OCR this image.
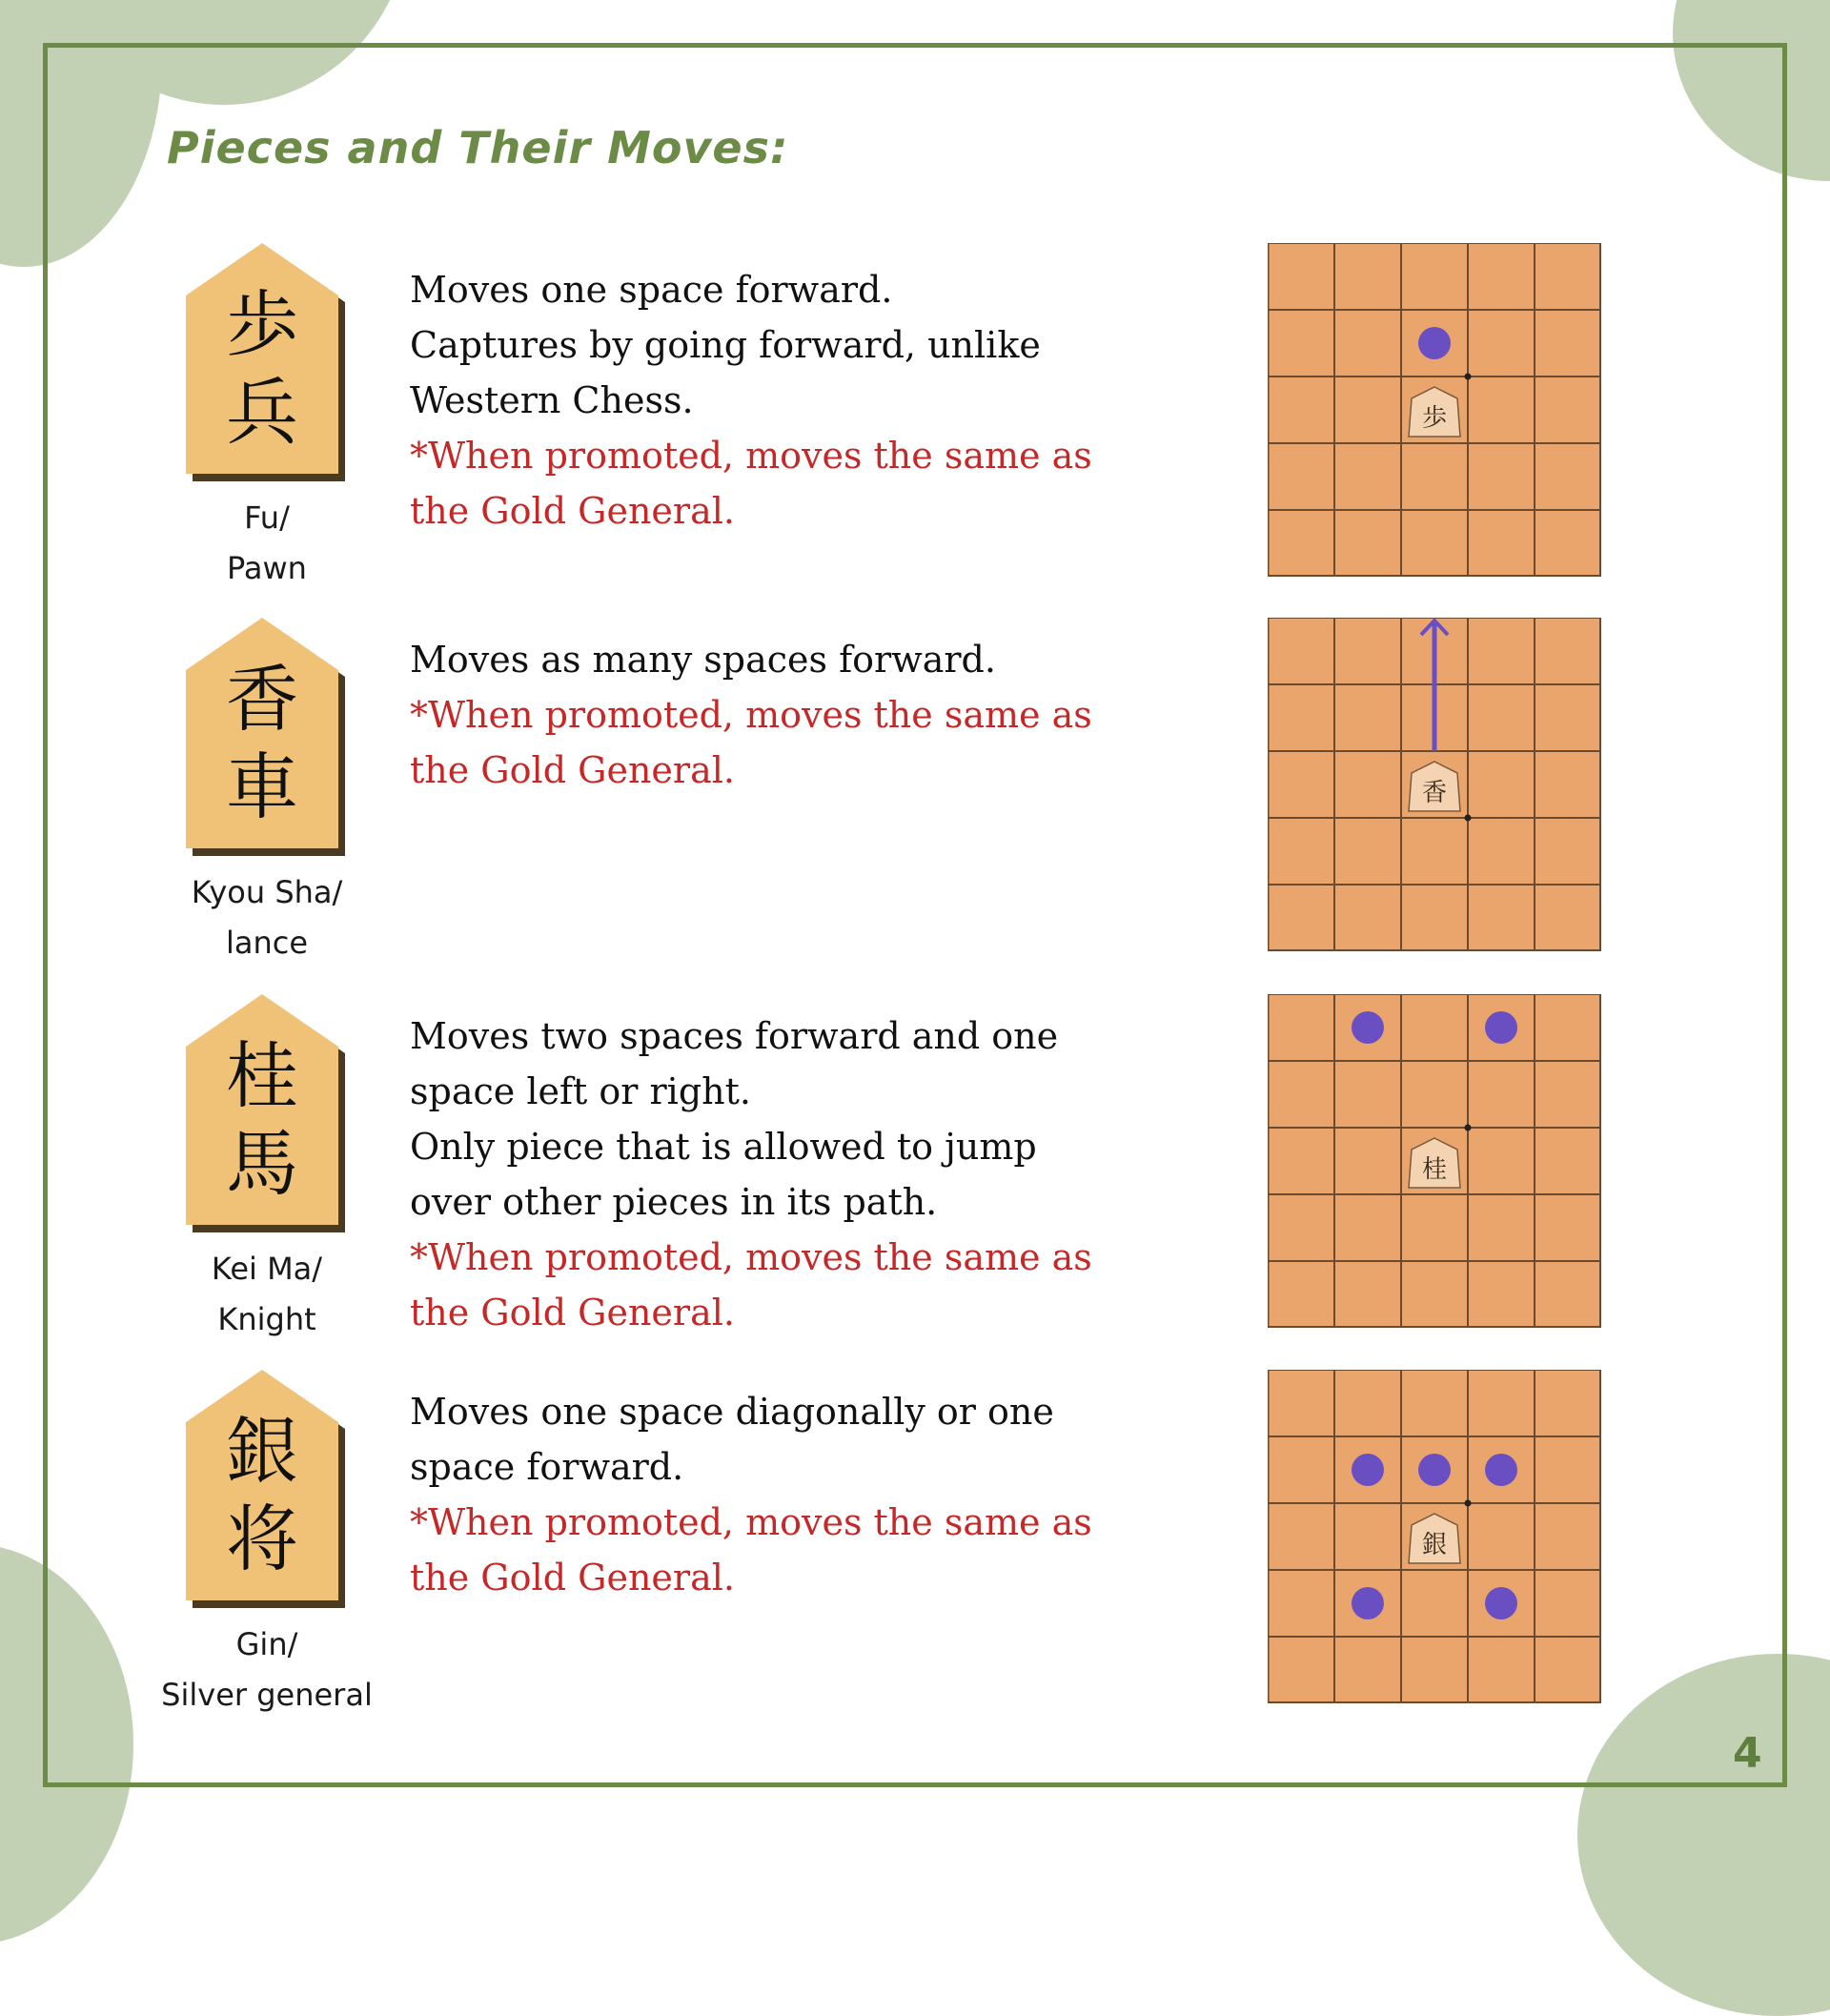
Pieces and Their Moves:
歩
兵
Fu/
Pawn
Moves one space forward.
Captures by going forward, unlike
Western Chess.
*When promoted, moves the same as
the Gold General.
歩
香
車
Kyou Sha/
lance
Moves as many spaces forward.
*When promoted, moves the same as
the Gold General.
香
桂
馬
Kei Ma/
Knight
Moves two spaces forward and one
space left or right.
Only piece that is allowed to jump
over other pieces in its path.
*When promoted, moves the same as
the Gold General.
桂
銀
将
Gin/
Silver general
Moves one space diagonally or one
space forward.
*When promoted, moves the same as
the Gold General.
銀
4
